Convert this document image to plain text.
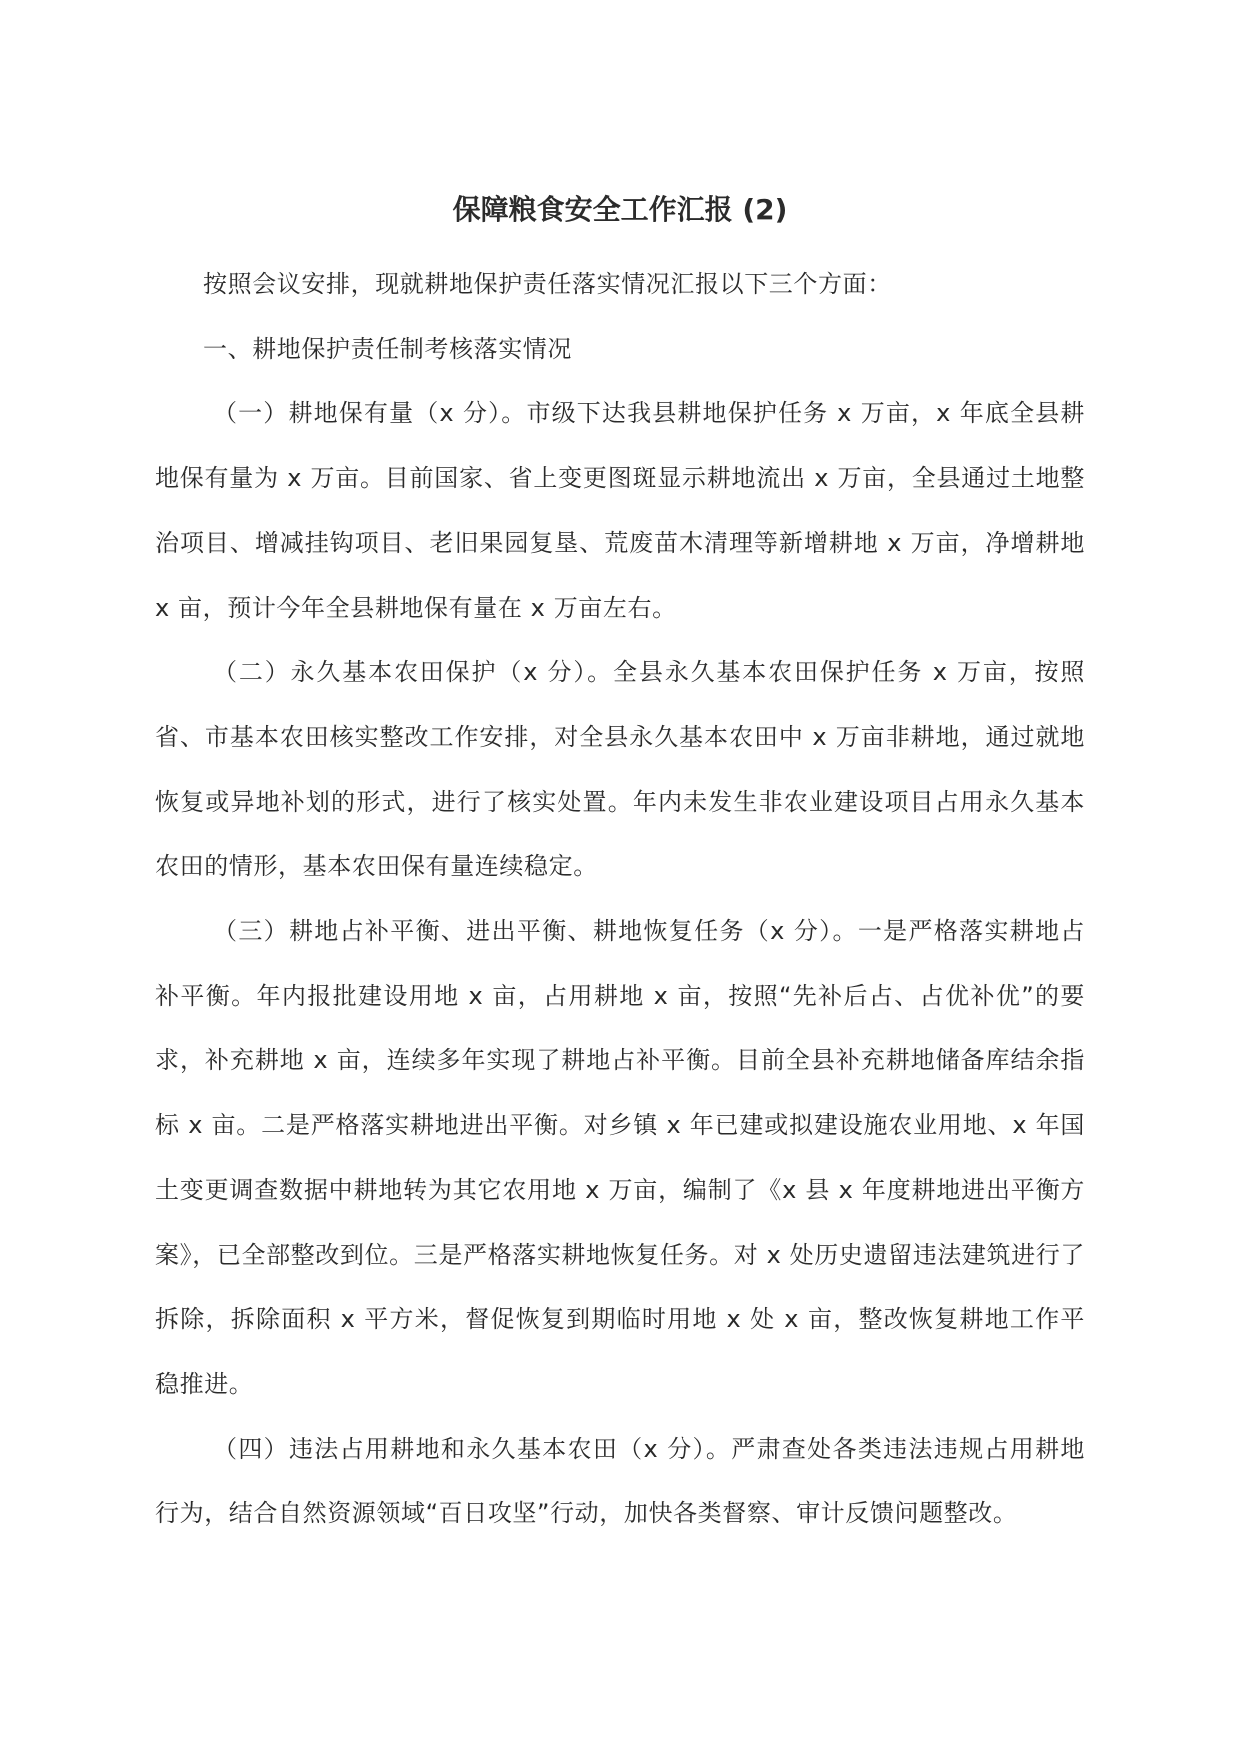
保障粮食安全工作汇报 (2)

按照会议安排，现就耕地保护责任落实情况汇报以下三个方面：

一、耕地保护责任制考核落实情况

（一）耕地保有量（x 分）。市级下达我县耕地保护任务 x 万亩，x 年底全县耕地保有量为 x 万亩。目前国家、省上变更图斑显示耕地流出 x 万亩，全县通过土地整治项目、增减挂钩项目、老旧果园复垦、荒废苗木清理等新增耕地 x 万亩，净增耕地 x 亩，预计今年全县耕地保有量在 x 万亩左右。

（二）永久基本农田保护（x 分）。全县永久基本农田保护任务 x 万亩，按照省、市基本农田核实整改工作安排，对全县永久基本农田中 x 万亩非耕地，通过就地恢复或异地补划的形式，进行了核实处置。年内未发生非农业建设项目占用永久基本农田的情形，基本农田保有量连续稳定。

（三）耕地占补平衡、进出平衡、耕地恢复任务（x 分）。一是严格落实耕地占补平衡。年内报批建设用地 x 亩，占用耕地 x 亩，按照“先补后占、占优补优”的要求，补充耕地 x 亩，连续多年实现了耕地占补平衡。目前全县补充耕地储备库结余指标 x 亩。二是严格落实耕地进出平衡。对乡镇 x 年已建或拟建设施农业用地、x 年国土变更调查数据中耕地转为其它农用地 x 万亩，编制了《x 县 x 年度耕地进出平衡方案》，已全部整改到位。三是严格落实耕地恢复任务。对 x 处历史遗留违法建筑进行了拆除，拆除面积 x 平方米，督促恢复到期临时用地 x 处 x 亩，整改恢复耕地工作平稳推进。

（四）违法占用耕地和永久基本农田（x 分）。严肃查处各类违法违规占用耕地行为，结合自然资源领域“百日攻坚”行动，加快各类督察、审计反馈问题整改。
